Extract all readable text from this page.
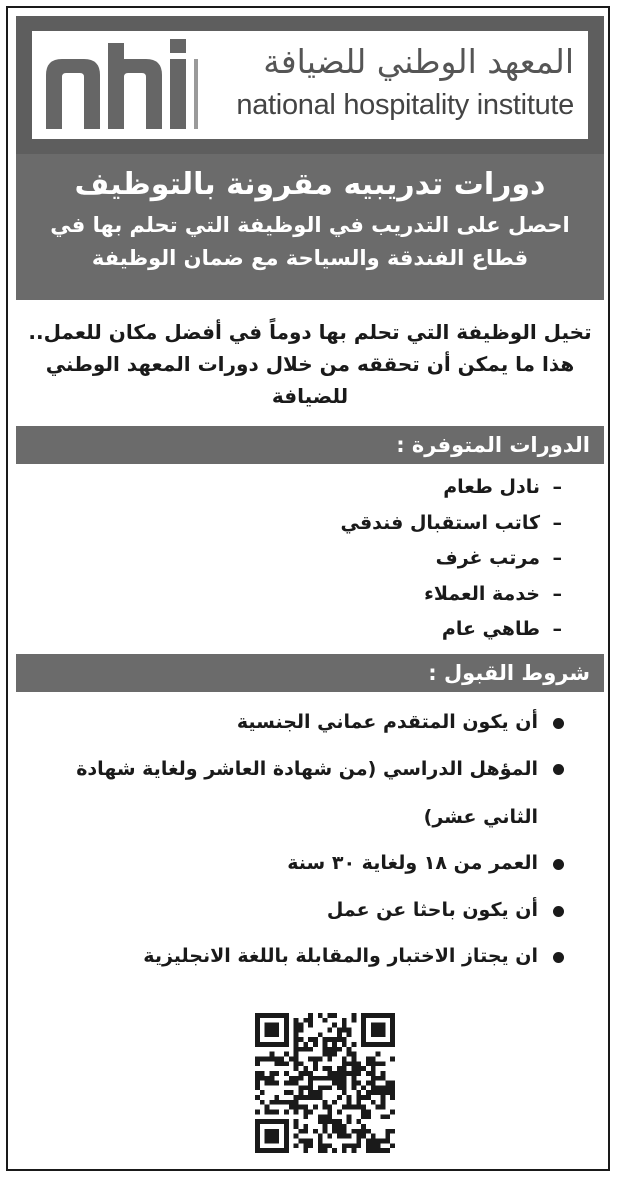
المعهد الوطني للضيافة
national hospitality institute
دورات تدريبيه مقرونة بالتوظيف
احصل على التدريب في الوظيفة التي تحلم بها في قطاع الفندقة والسياحة مع ضمان الوظيفة
تخيل الوظيفة التي تحلم بها دوماً في أفضل مكان للعمل..
هذا ما يمكن أن تحققه من خلال دورات المعهد الوطني للضيافة
الدورات المتوفرة :
–نادل طعام
–كاتب استقبال فندقي
–مرتب غرف
–خدمة العملاء
–طاهي عام
شروط القبول :
أن يكون المتقدم عماني الجنسية
المؤهل الدراسي (من شهادة العاشر ولغاية شهادة الثاني عشر)
العمر من ١٨ ولغاية ٣٠ سنة
أن يكون باحثا عن عمل
ان يجتاز الاختبار والمقابلة باللغة الانجليزية
